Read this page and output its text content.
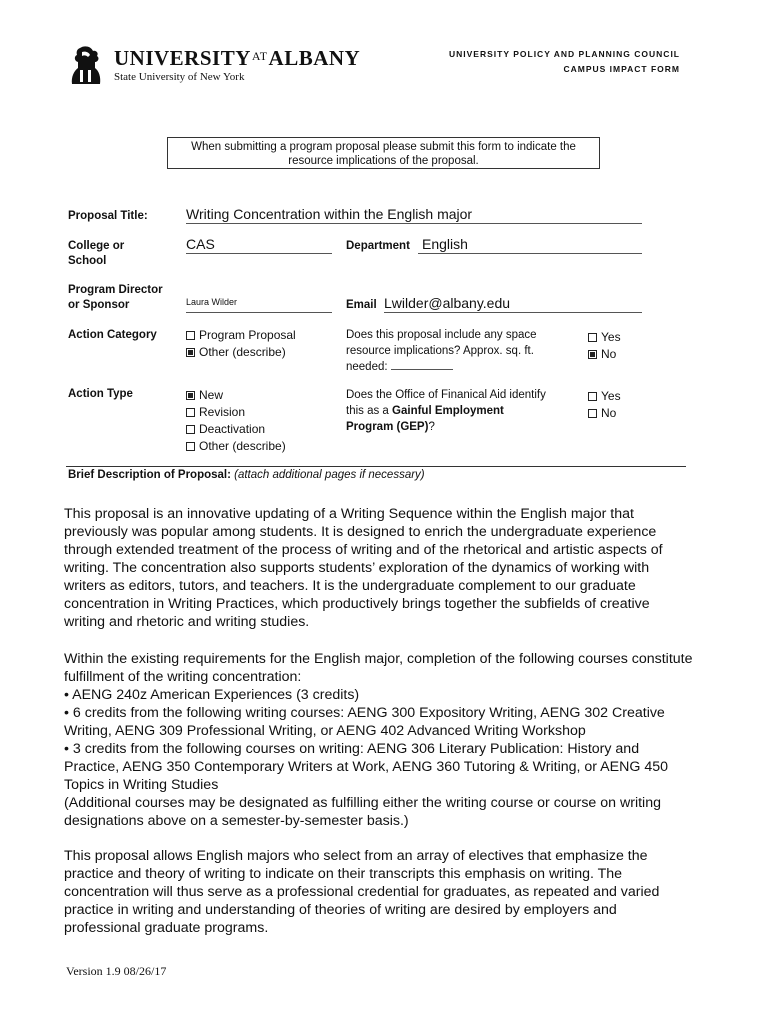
$UNIVERSITY^{AT}ALBANY$
State University of New York
UNIVERSITY POLICY AND PLANNING COUNCIL
CAMPUS IMPACT FORM
When submitting a program proposal please submit this form to indicate the resource implications of the proposal.
Proposal Title:	Writing Concentration within the English major
College or
School
CAS	Department English
Program Director
or Sponsor	Laura Wilder	Email Lwilder@albany.edu
Action Category	Program Proposal
Other (describe)
Does this proposal include any space
resource implications? Approx. sq. ft.
needed:
Yes
No
Action Type	New
Revision
Deactivation
Other (describe)
Does the Office of Finanical Aid identify
this as a Gainful Employment
Program (GEP)?
Yes
No
Brief Description of Proposal: (attach additional pages if necessary)

This proposal is an innovative updating of a Writing Sequence within the English major that previously was popular among students. It is designed to enrich the undergraduate experience through extended treatment of the process of writing and of the rhetorical and artistic aspects of writing. The concentration also supports students’ exploration of the dynamics of working with writers as editors, tutors, and teachers. It is the undergraduate complement to our graduate concentration in Writing Practices, which productively brings together the subfields of creative writing and rhetoric and writing studies.

Within the existing requirements for the English major, completion of the following courses constitute fulfillment of the writing concentration:

• AENG 240z American Experiences (3 credits)

• 6 credits from the following writing courses: AENG 300 Expository Writing, AENG 302 Creative Writing, AENG 309 Professional Writing, or AENG 402 Advanced Writing Workshop

• 3 credits from the following courses on writing: AENG 306 Literary Publication: History and Practice, AENG 350 Contemporary Writers at Work, AENG 360 Tutoring & Writing, or AENG 450 Topics in Writing Studies

(Additional courses may be designated as fulfilling either the writing course or course on writing designations above on a semester-by-semester basis.)

This proposal allows English majors who select from an array of electives that emphasize the practice and theory of writing to indicate on their transcripts this emphasis on writing. The concentration will thus serve as a professional credential for graduates, as repeated and varied practice in writing and understanding of theories of writing are desired by employers and professional graduate programs.

Version 1.9 08/26/17
